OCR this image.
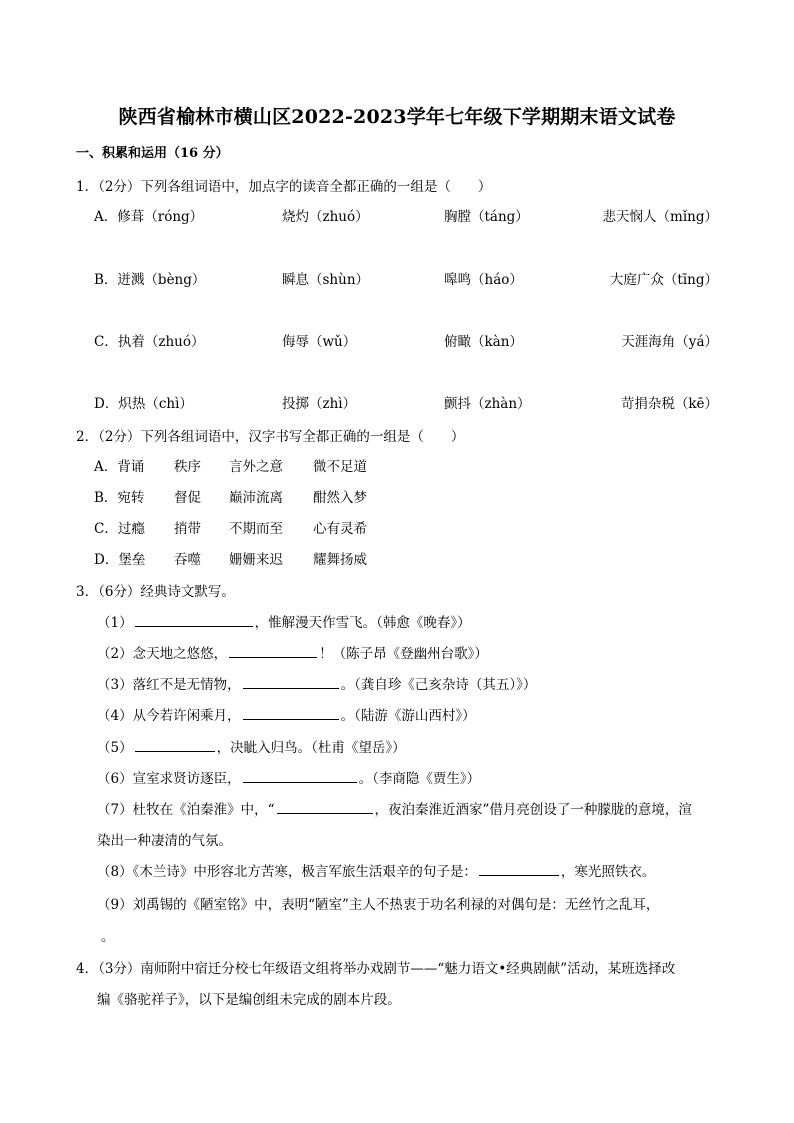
陕西省榆林市横山区2022-2023学年七年级下学期期末语文试卷
一、积累和运用（16 分）
1．（2分）下列各组词语中，加点字的读音全都正确的一组是（　　）
A．修葺（róng）	烧灼（zhuó）	胸膛（táng）	悲天悯人（mǐng）
B．迸溅（bèng）	瞬息（shùn）	嗥鸣（háo）	大庭广众（tīng）
C．执着（zhuó）	侮辱（wǔ）	俯瞰（kàn）	天涯海角（yá）
D．炽热（chì）	投掷（zhì）	颤抖（zhàn）	苛捐杂税（kē）
2．（2分）下列各组词语中，汉字书写全都正确的一组是（　　）
A．背诵 秩序 言外之意 微不足道
B．宛转 督促 巅沛流离 酣然入梦
C．过瘾 捎带 不期而至 心有灵希
D．堡垒 吞噬 姗姗来迟 耀舞扬威
3．（6分）经典诗文默写。
（1）	，惟解漫天作雪飞。（韩愈《晚春》）
（2）念天地之悠悠，	！（陈子昂《登幽州台歌》）
（3）落红不是无情物，	。（龚自珍《己亥杂诗（其五）》）
（4）从今若许闲乘月，	。（陆游《游山西村》）
（5）	，决眦入归鸟。（杜甫《望岳》）
（6）宣室求贤访逐臣，	。（李商隐《贾生》）
（7）杜牧在《泊秦淮》中，“	，夜泊秦淮近酒家”借月亮创设了一种朦胧的意境，渲
染出一种凄清的气氛。
（8）《木兰诗》中形容北方苦寒，极言军旅生活艰辛的句子是：	，寒光照铁衣。
（9）刘禹锡的《陋室铭》中，表明“陋室”主人不热衷于功名利禄的对偶句是：无丝竹之乱耳，
。
4．（3分）南师附中宿迁分校七年级语文组将举办戏剧节——“魅力语文•经典剧献”活动，某班选择改
编《骆驼祥子》，以下是编创组未完成的剧本片段。
